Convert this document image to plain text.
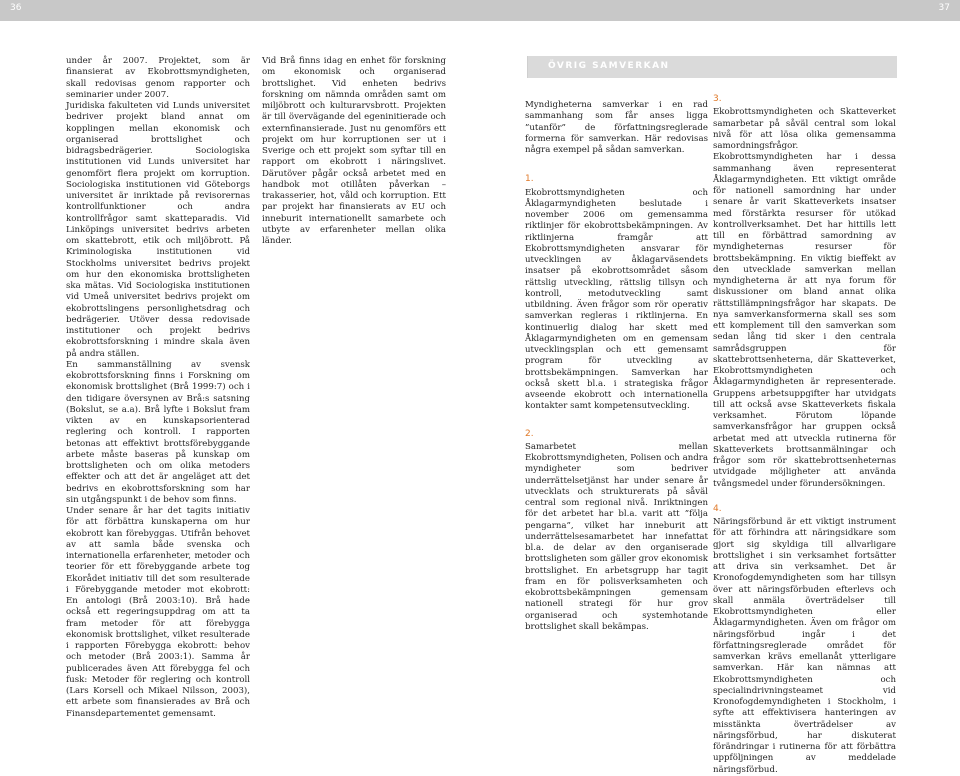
36	37

under år 2007. Projektet, som är finansierat av Ekobrottsmyndigheten, skall redovisas genom rapporter och seminarier under 2007.

Juridiska fakulteten vid Lunds universitet bedriver projekt bland annat om kopplingen mellan ekonomisk och organiserad brottslighet och bidragsbedrägerier. Sociologiska institutionen vid Lunds universitet har genomfört flera projekt om korruption. Sociologiska institutionen vid Göteborgs universitet är inriktade på revisorernas kontrollfunktioner och andra kontrollfrågor samt skatteparadis. Vid Linköpings universitet bedrivs arbeten om skattebrott, etik och miljöbrott. På Kriminologiska institutionen vid Stockholms universitet bedrivs projekt om hur den ekonomiska brottsligheten ska mätas. Vid Sociologiska institutionen vid Umeå universitet bedrivs projekt om ekobrottslingens personlighetsdrag och bedrägerier. Utöver dessa redovisade institutioner och projekt bedrivs ekobrottsforskning i mindre skala även på andra ställen.

En sammanställning av svensk ekobrottsforskning finns i Forskning om ekonomisk brottslighet (Brå 1999:7) och i den tidigare översynen av Brå:s satsning (Bokslut, se a.a). Brå lyfte i Bokslut fram vikten av en kunskapsorienterad reglering och kontroll. I rapporten betonas att effektivt brottsförebyggande arbete måste baseras på kunskap om brottsligheten och om olika metoders effekter och att det är angeläget att det bedrivs en ekobrottsforskning som har sin utgångspunkt i de behov som finns.

Under senare år har det tagits initiativ för att förbättra kunskaperna om hur ekobrott kan förebyggas. Utifrån behovet av att samla både svenska och internationella erfarenheter, metoder och teorier för ett förebyggande arbete tog Ekorådet initiativ till det som resulterade i Förebyggande metoder mot ekobrott: En antologi (Brå 2003:10). Brå hade också ett regeringsuppdrag om att ta fram metoder för att förebygga ekonomisk brottslighet, vilket resulterade i rapporten Förebygga ekobrott: behov och metoder (Brå 2003:1). Samma år publicerades även Att förebygga fel och fusk: Metoder för reglering och kontroll (Lars Korsell och Mikael Nilsson, 2003), ett arbete som finansierades av Brå och Finansdepartementet gemensamt.

Vid Brå finns idag en enhet för forskning om ekonomisk och organiserad brottslighet. Vid enheten bedrivs forskning om nämnda områden samt om miljöbrott och kulturarvsbrott. Projekten är till övervägande del egeninitierade och externfinansierade. Just nu genomförs ett projekt om hur korruptionen ser ut i Sverige och ett projekt som syftar till en rapport om ekobrott i näringslivet. Därutöver pågår också arbetet med en handbok mot otillåten påverkan – trakasserier, hot, våld och korruption. Ett par projekt har finansierats av EU och inneburit internationellt samarbete och utbyte av erfarenheter mellan olika länder.

ÖVRIG SAMVERKAN

Myndigheterna samverkar i en rad sammanhang som får anses ligga ”utanför” de författningsreglerade formerna för samverkan. Här redovisas några exempel på sådan samverkan.

1.

Ekobrottsmyndigheten och Åklagarmyndigheten beslutade i november 2006 om gemensamma riktlinjer för ekobrottsbekämpningen. Av riktlinjerna framgår att Ekobrottsmyndigheten ansvarar för utvecklingen av åklagarväsendets insatser på ekobrottsområdet såsom rättslig utveckling, rättslig tillsyn och kontroll, metodutveckling samt utbildning. Även frågor som rör operativ samverkan regleras i riktlinjerna. En kontinuerlig dialog har skett med Åklagarmyndigheten om en gemensam utvecklingsplan och ett gemensamt program för utveckling av brottsbekämpningen. Samverkan har också skett bl.a. i strategiska frågor avseende ekobrott och internationella kontakter samt kompetensutveckling.

2.

Samarbetet mellan Ekobrottsmyndigheten, Polisen och andra myndigheter som bedriver underrättelsetjänst har under senare år utvecklats och strukturerats på såväl central som regional nivå. Inriktningen för det arbetet har bl.a. varit att ”följa pengarna”, vilket har inneburit att underrättelsesamarbetet har innefattat bl.a. de delar av den organiserade brottsligheten som gäller grov ekonomisk brottslighet. En arbetsgrupp har tagit fram en för polisverksamheten och ekobrottsbekämpningen gemensam nationell strategi för hur grov organiserad och systemhotande brottslighet skall bekämpas.

3.

Ekobrottsmyndigheten och Skatteverket samarbetar på såväl central som lokal nivå för att lösa olika gemensamma samordningsfrågor. Ekobrottsmyndigheten har i dessa sammanhang även representerat Åklagarmyndigheten. Ett viktigt område för nationell samordning har under senare år varit Skatteverkets insatser med förstärkta resurser för utökad kontrollverksamhet. Det har hittills lett till en förbättrad samordning av myndigheternas resurser för brottsbekämpning. En viktig bieffekt av den utvecklade samverkan mellan myndigheterna är att nya forum för diskussioner om bland annat olika rättstillämpningsfrågor har skapats. De nya samverkansformerna skall ses som ett komplement till den samverkan som sedan lång tid sker i den centrala samrådsgruppen för skattebrottsenheterna, där Skatteverket, Ekobrottsmyndigheten och Åklagarmyndigheten är representerade. Gruppens arbetsuppgifter har utvidgats till att också avse Skatteverkets fiskala verksamhet. Förutom löpande samverkansfrågor har gruppen också arbetat med att utveckla rutinerna för Skatteverkets brottsanmälningar och frågor som rör skattebrottsenheternas utvidgade möjligheter att använda tvångsmedel under förundersökningen.

4.

Näringsförbund är ett viktigt instrument för att förhindra att näringsidkare som gjort sig skyldiga till allvarligare brottslighet i sin verksamhet fortsätter att driva sin verksamhet. Det är Kronofogdemyndigheten som har tillsyn över att näringsförbuden efterlevs och skall anmäla överträdelser till Ekobrottsmyndigheten eller Åklagarmyndigheten. Även om frågor om näringsförbud ingår i det författningsreglerade området för samverkan krävs emellanåt ytterligare samverkan. Här kan nämnas att Ekobrottsmyndigheten och specialindrivningsteamet vid Kronofogdemyndigheten i Stockholm, i syfte att effektivisera hanteringen av misstänkta överträdelser av näringsförbud, har diskuterat förändringar i rutinerna för att förbättra uppföljningen av meddelade näringsförbud.
